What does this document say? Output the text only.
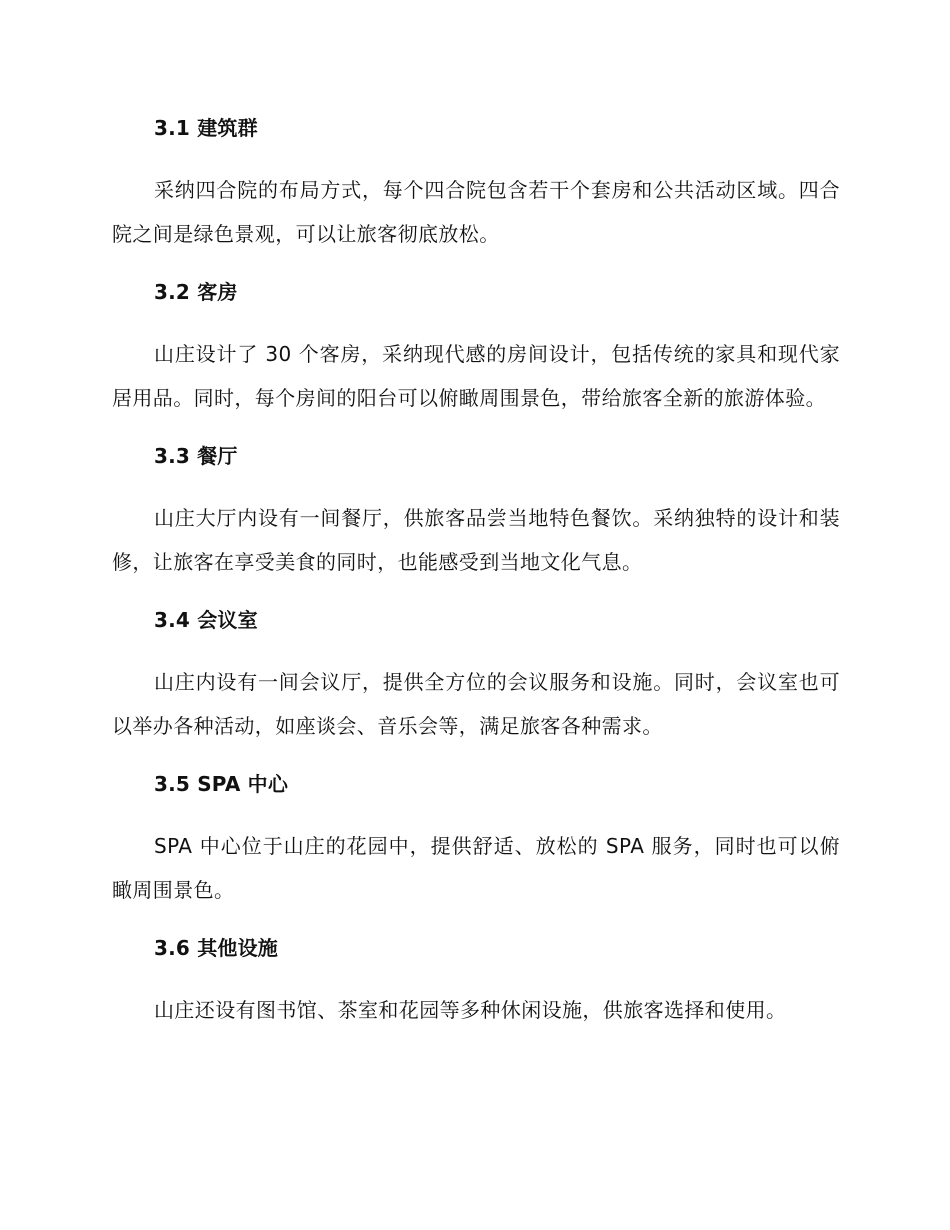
3.1 建筑群

采纳四合院的布局方式，每个四合院包含若干个套房和公共活动区域。四合院之间是绿色景观，可以让旅客彻底放松。

3.2 客房

山庄设计了 30 个客房，采纳现代感的房间设计，包括传统的家具和现代家居用品。同时，每个房间的阳台可以俯瞰周围景色，带给旅客全新的旅游体验。

3.3 餐厅

山庄大厅内设有一间餐厅，供旅客品尝当地特色餐饮。采纳独特的设计和装修，让旅客在享受美食的同时，也能感受到当地文化气息。

3.4 会议室

山庄内设有一间会议厅，提供全方位的会议服务和设施。同时，会议室也可以举办各种活动，如座谈会、音乐会等，满足旅客各种需求。

3.5 SPA 中心

SPA 中心位于山庄的花园中，提供舒适、放松的 SPA 服务，同时也可以俯瞰周围景色。

3.6 其他设施

山庄还设有图书馆、茶室和花园等多种休闲设施，供旅客选择和使用。
